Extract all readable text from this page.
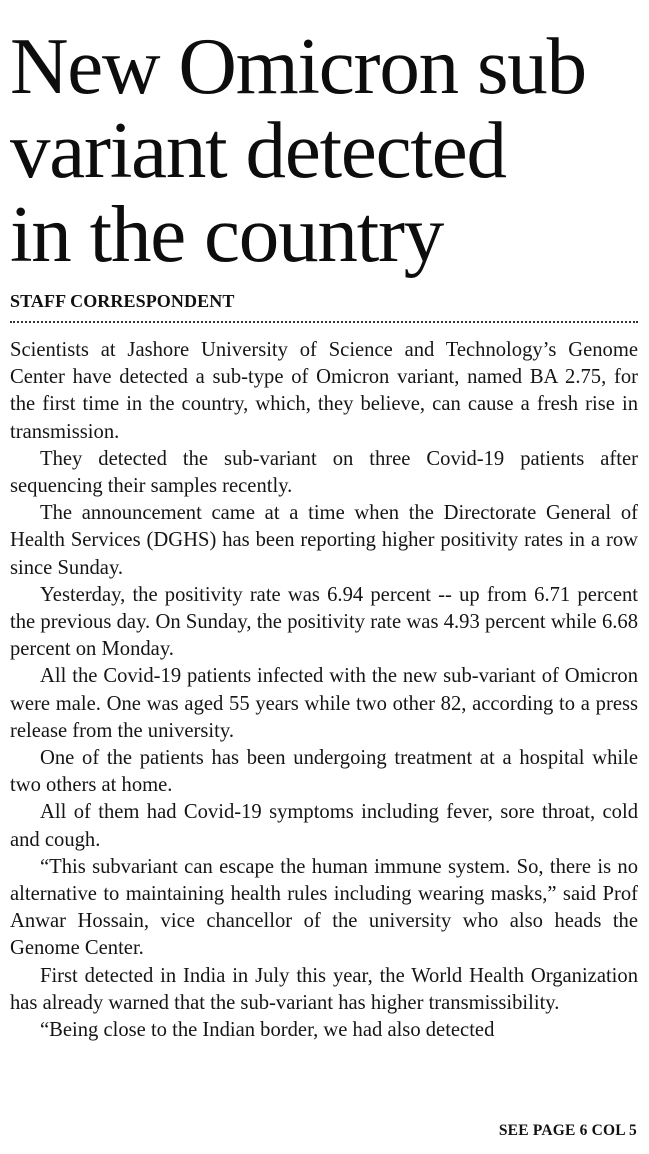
New Omicron sub
variant detected
in the country
STAFF CORRESPONDENT

Scientists at Jashore University of Science and Technology’s Genome Center have detected a sub-type of Omicron variant, named BA 2.75, for the first time in the country, which, they believe, can cause a fresh rise in transmission.

They detected the sub-variant on three Covid-19 patients after sequencing their samples recently.

The announcement came at a time when the Directorate General of Health Services (DGHS) has been reporting higher positivity rates in a row since Sunday.

Yesterday, the positivity rate was 6.94 percent -- up from 6.71 percent the previous day. On Sunday, the positivity rate was 4.93 percent while 6.68 percent on Monday.

All the Covid-19 patients infected with the new sub-variant of Omicron were male. One was aged 55 years while two other 82, according to a press release from the university.

One of the patients has been undergoing treatment at a hospital while two others at home.

All of them had Covid-19 symptoms including fever, sore throat, cold and cough.

“This subvariant can escape the human immune system. So, there is no alternative to maintaining health rules including wearing masks,” said Prof Anwar Hossain, vice chancellor of the university who also heads the Genome Center.

First detected in India in July this year, the World Health Organization has already warned that the sub-variant has higher transmissibility.

“Being close to the Indian border, we had also detected

SEE PAGE 6 COL 5
